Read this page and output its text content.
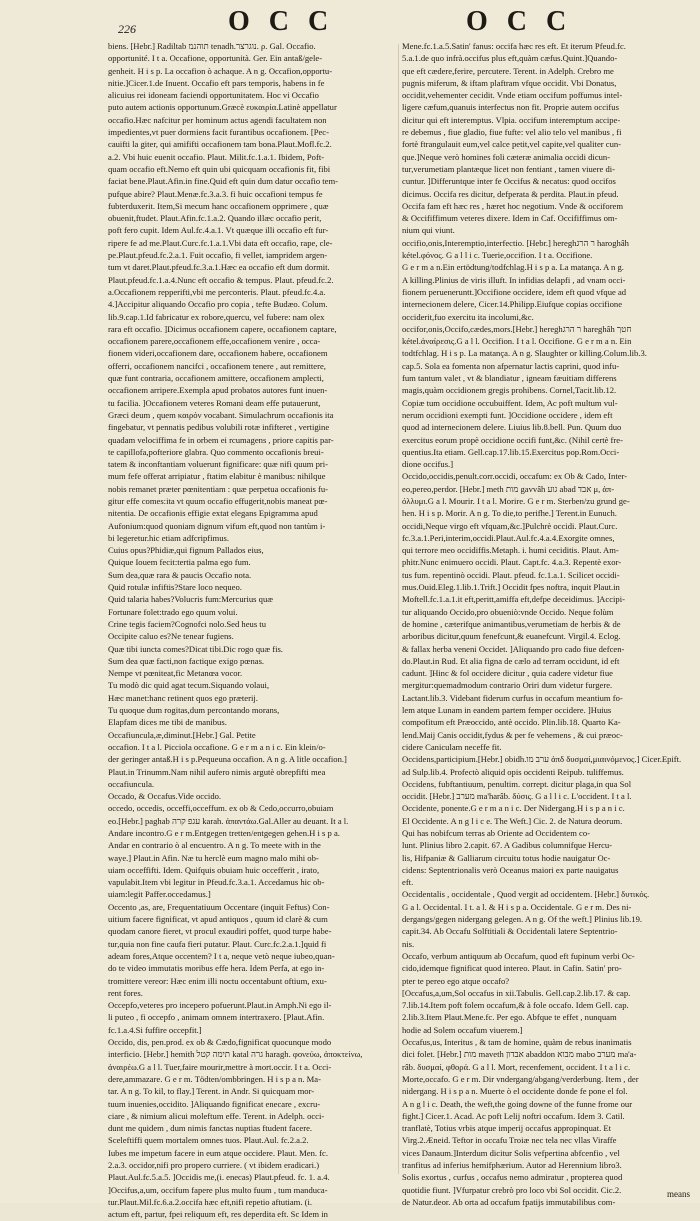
226	O C C	O C C
biens. [Hebr.] Radiltab תוהנמ tenadh.נוגרצר. ρ. Gal. Occafio.
opportunité. I t a. Occafione, opportunità. Ger. Ein antaß/gele-
genheit. H i s p. La occafion ò achaque. A n g. Occafion,opportu-
nitie.]Cicer.1.de Inuent. Occafio eft pars temporis, habens in fe
alicuius rei idoneam faciendi opportunitatem. Hoc vi Occafio
puto autem actionis opportunum.Græcè ευκαιρία.Latinè appellatur
occafio.Hæc nafcitur per hominum actus agendi facultatem non
impedientes,vt puer dormiens facit furantibus occafionem. [Pec-
cauifti la giter, qui amififti occafionem tam bona.Plaut.Mofl.fc.2.
a.2. Vbi huic euenit occafio. Plaut. Milit.fc.1.a.1. Ibidem, Poft-
quam occafio eft.Nemo eft quin ubi quicquam occafionis fit, fibi
faciat bene.Plaut.Afin.in fine.Quid eft quin dum datur occafio tem-
pufque abire? Plaut.Menæ.fc.3.a.3. fi huic occafioni tempus fe
fubterduxerit. Item,Si mecum hanc occafionem opprimere , quæ
obuenit,ftudet. Plaut.Afin.fc.1.a.2. Quando illæc occafio perit,
poft fero cupit. Idem Aul.fc.4.a.1. Vt quæque illi occafio eft fur-
ripere fe ad me.Plaut.Curc.fc.1.a.1.Vbi data eft occafio, rape, cle-
pe.Plaut.pfeud.fc.2.a.1. Fuit occafio, fi vellet, iampridem argen-
tum vt daret.Plaut.pfeud.fc.3.a.1.Hæc ea occafio eft dum dormit.
Plaut.pfeud.fc.1.a.4.Nunc eft occafio & tempus. Plaut. pfeud.fc.2.
a.Occafionem repperifti,vbi me perconteris. Plaut. pfeud.fc.4.a.
4.]Accipitur aliquando Occafio pro copia , tefte Budæo. Colum.
lib.9.cap.1.Id fabricatur ex robore,quercu, vel fubere: nam olex
rara eft occafio. ]Dicimus occafionem capere, occafionem captare,
occafionem parere,occafionem effe,occafionem venire , occa-
fionem videri,occafionem dare, occafionem habere, occafionem
offerri, occafionem nancifci , occafionem tenere , aut remittere,
quæ funt contraria, occafionem amittere, occafionem amplecti,
occafionem arripere.Exempla apud probatos autores funt inuen-
tu facilia. ]Occafionem veteres Romani deam effe putauerunt,
Græci deum , quem καιρόν vocabant. Simulachrum occafionis ita
fingebatur, vt pennatis pedibus volubili rotæ infifteret , vertigine
quadam velociffima fe in orbem ei rcumagens , priore capitis par-
te capillofa,pofteriore glabra. Quo commento occafionis breui-
tatem & inconftantiam voluerunt fignificare: quæ nifi quum pri-
mum fefe offerat arripiatur , ftatim elabitur è manibus: nihilque
nobis remanet præter pœnitentiam : quæ perpetua occafionis fu-
gitur effe comes:ita vt quum occafio effugerit,nobis maneat pœ-
nitentia. De occafionis effigie extat elegans Epigramma apud
Aufonium:quod quoniam dignum vifum eft,quod non tantùm i-
bi legeretur.hic etiam adfcripfimus.
Cuius opus?Phidiæ,qui fignum Pallados eius,
Quique Iouem fecit:tertia palma ego fum.
Sum dea,quæ rara & paucis Occafio nota.
Quid rotulæ infiftis?Stare loco nequeo.
Quid talaria habes?Volucris fum:Mercurius quæ
Fortunare folet:trado ego quum volui.
Crine tegis faciem?Cognofci nolo.Sed heus tu
Occipite caluo es?Ne tenear fugiens.
Quæ tibi iuncta comes?Dicat tibi.Dic rogo quæ fis.
Sum dea quæ facti,non factique exigo pœnas.
Nempe vt pœniteat,fic Metanœa vocor.
Tu modò dic quid agat tecum.Siquando volaui,
Hæc manet:hanc retinent quos ego præterij.
Tu quoque dum rogitas,dum percontando morans,
Elapfam dices me tibi de manibus.
Occafiuncula,æ,diminut.[Hebr.] Gal. Petite
occafion. I t a l. Picciola occafione. G e r m a n i c. Ein klein/o-
der geringer antaß.H i s p.Pequeuna occafion. A n g. A litle occafion.]
Plaut.in Trinumm.Nam nihil aufero nimis argutè obrepfifti mea
occafiuncula.
Occado, & Occafus.Vide occido.
occedo, occedis, occeffi,occeffum. ex ob & Cedo,occurro,obuiam
eo.[Hebr.] paghab עגפ קרה karah. ἀπαντάω.Gal.Aller au deuant. It a l.
Andare incontro.G e r m.Entgegen tretten/entgegen gehen.H i s p a.
Andar en contrario ò al encuentro. A n g. To meete with in the
waye.] Plaut.in Afin. Næ tu herclè eum magno malo mihi ob-
uiam occeffifti. Idem. Quifquis obuiam huic occefferit , irato,
vapulabit.Item vbi legitur in Pfeud.fc.3.a.1. Accedamus hic ob-
uiam:legit Paffer.occedamus.]
Occento ,as, are, Frequentatiuum Occentare (inquit Feftus) Con-
uitium facere fignificat, vt apud antiquos , quum id clarè & cum
quodam canore fieret, vt procul exaudiri poffet, quod turpe habe-
tur,quia non fine caufa fieri putatur. Plaut. Curc.fc.2.a.1.]quid fi
adeam fores,Atque occentem? I t a, neque vetò neque iubeo,quan-
do te video immutatis moribus effe hera. Idem Perfa, at ego in-
tromittere vereor: Hæc enim illi noctu occentabunt oftium, exu-
rent fores.
Occepfo,veteres pro incepero pofuerunt.Plaut.in Amph.Ni ego il-
li puteo , fi occepfo , animam omnem intertraxero. [Plaut.Afin.
fc.1.a.4.Si fuffire occepfit.]
Occido, dis, pen.prod. ex ob & Cædo,fignificat quocunque modo
interficio. [Hebr.] hemith תימה קטל katal גרה haragh. φονεύω, ἀποκτείνω,
ἀναιρέω.G a l l. Tuer,faire mourir,mettre à mort.occir. I t a. Occi-
dere,ammazare. G e r m. Tödten/ombbringen. H i s p a n. Ma-
tar. A n g. To kil, to flay.] Terent. in Andr. Si quicquam mor-
tuum inuenies,occidito. ]Aliquando fignificat enecare , excru-
ciare , & nimium alicui moleftum effe. Terent. in Adelph. occi-
dunt me quidem , dum nimis fanctas nuptias ftudent facere.
Sceleftiffi quem mortalem omnes tuos. Plaut.Aul. fc.2.a.2.
Iubes me impetum facere in eum atque occidere. Plaut. Men. fc.
2.a.3. occidor,nifi pro propero curriere. ( vt ibidem eradicari.)
Plaut.Aul.fc.5.a.5. ]Occidis me,(i. enecas) Plaut.pfeud. fc. 1. a.4.
]Occifus,a,um, occifum fapere plus multo fuum , tum manduca-
tur.Plaut.Mil.fc.6.a.2.occifa hæc eft,nifi repetio aftutiam. (i.
actum eft, partur, fpei reliquum eft, res deperdita eft. Sc Idem in
Mene.fc.1.a.5.Satin' fanus: occifa hæc res eft. Et iterum Pfeud.fc.
5.a.1.de quo infrà.occifus plus eft,quàm cæfus.Quint.]Quando-
que eft cædere,ferire, percutere. Terent. in Adelph. Crebro me
pugnis miferum, & iftam plaftram vfque occidit. Vbi Donatus,
occidit,vehementer cecidit. Vnde etiam occifum poffumus intel-
ligere cæfum,quanuis interfectus non fit. Proprie autem occifus
dicitur qui eft interemptus. Vlpia. occifum interemptum accipe-
re debemus , fiue gladio, fiue fufte: vel alio telo vel manibus , fi
fortè ftrangulauit eum,vel calce petit,vel capite,vel qualiter cun-
que.]Neque verò homines foli cæteræ animalia occidi dicun-
tur,verumetiam plantæque licet non fentiant , tamen viuere di-
cuntur. ]Differuntque inter fe Occifus & necatus: quod occifos
dicimus. Occifa res dicitur, defperata & perdita. Plaut.in pfeud.
Occifa fam eft hæc res , hæret hoc negotium. Vnde & occiforem
& Occififfimum veteres dixere. Idem in Caf. Occififfimus om-
nium qui viunt.
occifio,onis,Interemptio,interfectio. [Hebr.] hereghר הרג haroghâh
kétel.φόνος. G a l l i c. Tuerie,occifion. I t a. Occifione.
G e r m a n.Ein ertödtung/todfchlag.H i s p a. La matança. A n g.
A killing.Plinius de viris illuft. In infidias delapfi , ad vnam occi-
fionem perueneruntt.]Occifione occidere, idem eft quod vfque ad
internecionem delere, Cicer.14.Philipp.Eiufque copias occifione
occiderit,fuo exercitu ita incolumi,&c.
occifor,onis,Occifo,cædes,mors.[Hebr.] hereghר הרג hareghâh חטך
kétel.ἀναίρεσις.G a l l. Occifion. I t a l. Occifione. G e r m a n. Ein
todtfchlag. H i s p. La matança. A n g. Slaughter or killing.Colum.lib.3.
cap.5. Sola ea fomenta non afpernatur lactis caprini, quod infu-
fum tantum valet , vt & blandiatur , igneam fæuitiam differens
magis,quàm occidionem gregis prohibens. Cornel,Tacit.lib.12.
Copiæ tum occidione occubuiffent. Idem, Ac poft multum vul-
nerum occidioni exempti funt. ]Occidione occidere , idem eft
quod ad internecionem delere. Liuius lib.8.bell. Pun. Quum duo
exercitus eorum propè occidione occifi funt,&c. (Nihil certè fre-
quentius.Ita etiam. Gell.cap.17.lib.15.Exercitus pop.Rom.Occi-
dione occifus.]
Occido,occidis,penult.corr.occidi, occafum: ex Ob & Cado, Inter-
eo,pereo,perdor. [Hebr.] meth מות gavvâh גוע abad אבד μ, ἀπ-
όλλυμι.G a l. Mourir. I t a l. Morire. G e r m. Sterben/zu grund ge-
hen. H i s p. Morir. A n g. To die,to perifhe.] Terent.in Eunuch.
occidi,Neque virgo eft vfquam,&c.]Pulchrè occidi. Plaut.Curc.
fc.3.a.1.Peri,interim,occidi.Plaut.Aul.fc.4.a.4.Exorgite omnes,
qui terrore meo occidiffis.Metaph. i. humi ceciditis. Plaut. Am-
phitr.Nunc enimuero occidi. Plaut. Capt.fc. 4.a.3. Repentè exor-
tus fum. repentinò occidi. Plaut. pfeud. fc.1.a.1. Scilicet occidi-
mus.Ouid.Eleg.1.lib.1.Trift.] Occidit fpes noftra, inquit Plaut.in
Moftell.fc.1.a.1.it eft,peritt,amiffa eft,defpe deceidimus. ]Accipi-
tur aliquando Occido,pro obueniò:vnde Occido. Neque folùm
de homine , cæterifque animantibus,verumetiam de herbis & de
arboribus dicitur,quum fenefcunt,& euanefcunt. Virgil.4. Eclog.
& fallax herba veneni Occidet. ]Aliquando pro cado fiue defcen-
do.Plaut.in Rud. Et alia figna de cælo ad terram occidunt, id eft
cadunt. ]Hinc & fol occidere dicitur , quia cadere videtur fiue
mergitur:quemadmodum contrario Oriri dum videtur furgere.
Lactant.lib.3. Videbant fiderum curfus in occafum meantium fo-
lem atque Lunam in eandem partem femper occidere. ]Huius
compofitum eft Præoccido, antè occido. Plin.lib.18. Quarto Ka-
lend.Maij Canis occidit,fydus & per fe vehemens , & cui præoc-
cidere Caniculam neceffe fit.
Occidens,participium.[Hebr.] obidh.ערב מו ἀπδ δυσμαί,μιαινόμενος.] Cicer.Epift.
ad Sulp.lib.4. Profectò aliquid opis occidenti Reipub. tuliffemus.
Occidens, fubftantiuum, penultim. corrept. dicitur plaga,in qua Sol
occidit. [Hebr.] מערב ma'harâb. δύσις. G a l l i c. L'occident. I t a l.
Occidente, ponente.G e r m a n i c. Der Nidergang.H i s p a n i c.
El Occidente. A n g l i c e. The Weft.] Cic. 2. de Natura deorum.
Qui has nobifcum terras ab Oriente ad Occidentem co-
lunt. Plinius libro 2.capit. 67. A Gadibus columnifque Hercu-
lis, Hifpaniæ & Galliarum circuitu totus hodie nauigatur Oc-
cidens: Septentrionalis verò Oceanus maiori ex parte nauigatus
eft.
Occidentalis , occidentale , Quod vergit ad occidentem. [Hebr.] δυτικός.
G a l. Occidental. I t. a l. & H i s p a. Occidentale. G e r m. Des ni-
dergangs/gegen nidergang gelegen. A n g. Of the weft.] Plinius lib.19.
capit.34. Ab Occafu Solftitiali & Occidentali latere Septentrio-
nis.
Occafo, verbum antiquum ab Occafum, quod eft fupinum verbi Oc-
cido,idemque fignificat quod intereo. Plaut. in Cafin. Satin' pro-
pter te pereo ego atque occafo?
[Occafus,a,um,Sol occafus in xii.Tabulis. Gell.cap.2.lib.17. & cap.
7.lib.14.Item poft folem occafum,& à fole occafo. Idem Gell. cap.
2.lib.3.Item Plaut.Mene.fc. Per ego. Abfque te effet , nunquam
hodie ad Solem occafum viuerem.]
Occafus,us, Interitus , & tam de homine, quàm de rebus inanimatis
dici folet. [Hebr.] מות maveth אבדון abaddon מבוא mabo מערב ma'a-
râb. δυσμαί, φθορά. G a l l. Mort, recenfement, occident. I t a l i c.
Morte,occafo. G e r m. Dir vndergang/abgang/verderbung. Item , der
nidergang. H i s p a n. Muerte ò el occidente donde fe pone el fol.
A n g l i c. Death, the weft,the going downe of the funne frome our
fight.] Cicer.1. Acad. Ac poft Lelij noftri occafum. Idem 3. Catil.
tranflatè, Totius vrbis atque imperij occafus appropinquat. Et
Virg.2.Æneid. Teftor in occafu Troiæ nec tela nec vllas Viraffe
vices Danaum.]Interdum dicitur Solis vefpertina abfcenfio , vel
tranfitus ad inferius hemifphærium. Autor ad Herennium libro3.
Solis exortus , curfus , occafus nemo admiratur , propterea quod
quotidie fiunt. ]Vfurpatur crebrò pro loco vbi Sol occidit. Cic.2.
de Natur.deor. Ab orta ad occafum fpatijs immutabilibus com-
means
